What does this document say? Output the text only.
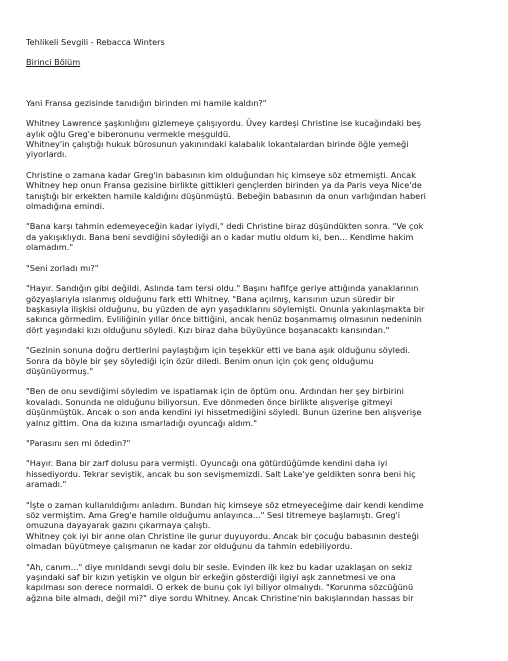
Tehlikeli Sevgili - Rebacca Winters
Birinci Bölüm
Yani Fransa gezisinde tanıdığın birinden mi hamile kaldın?"
Whitney Lawrence şaşkınlığını gizlemeye çalışıyordu. Üvey kardeşi Christine ise kucağındaki beş
aylık oğlu Greg'e biberonunu vermekle meşguldü.
Whitney'in çalıştığı hukuk bürosunun yakınındaki kalabalık lokantalardan birinde öğle yemeği
yiyorlardı.
Christine o zamana kadar Greg'in babasının kim olduğundan hiç kimseye söz etmemişti. Ancak
Whitney hep onun Fransa gezisine birlikte gittikleri gençlerden birinden ya da Paris veya Nice'de
tanıştığı bir erkekten hamile kaldığını düşünmüştü. Bebeğin babasının da onun varlığından haberi
olmadığına emindi.
"Bana karşı tahmin edemeyeceğin kadar iyiydi," dedi Christine biraz düşündükten sonra. "Ve çok
da yakışıklıydı. Bana beni sevdiğini söylediği an o kadar mutlu oldum ki, ben... Kendime hakim
olamadım."
"Seni zorladı mı?"
"Hayır. Sandığın gibi değildi. Aslında tam tersi oldu." Başını hafifçe geriye attığında yanaklarının
gözyaşlarıyla ıslanmış olduğunu fark etti Whitney. "Bana açılmış, karısının uzun süredir bir
başkasıyla ilişkisi olduğunu, bu yüzden de ayrı yaşadıklarını söylemişti. Onunla yakınlaşmakta bir
sakınca görmedim. Evliliğinin yıllar önce bittiğini, ancak henüz boşanmamış olmasının nedeninin
dört yaşındaki kızı olduğunu söyledi. Kızı biraz daha büyüyünce boşanacaktı karısından."
"Gezinin sonuna doğru dertlerini paylaştığım için teşekkür etti ve bana aşık olduğunu söyledi.
Sonra da böyle bir şey söylediği için özür diledi. Benim onun için çok genç olduğumu
düşünüyormuş."
"Ben de onu sevdiğimi söyledim ve ispatlamak için de öptüm onu. Ardından her şey birbirini
kovaladı. Sonunda ne olduğunu biliyorsun. Eve dönmeden önce birlikte alışverişe gitmeyi
düşünmüştük. Ancak o son anda kendini iyi hissetmediğini söyledi. Bunun üzerine ben alışverişe
yalnız gittim. Ona da kızına ısmarladığı oyuncağı aldım."
"Parasını sen mi ödedin?"
"Hayır. Bana bir zarf dolusu para vermişti. Oyuncağı ona götürdüğümde kendini daha iyi
hissediyordu. Tekrar seviştik, ancak bu son sevişmemizdi. Salt Lake'ye geldikten sonra beni hiç
aramadı."
"İşte o zaman kullanıldığımı anladım. Bundan hiç kimseye söz etmeyeceğime dair kendi kendime
söz vermiştim. Ama Greg'e hamile olduğumu anlayınca..." Sesi titremeye başlamıştı. Greg'i
omuzuna dayayarak gazını çıkarmaya çalıştı.
Whitney çok iyi bir anne olan Christine ile gurur duyuyordu. Ancak bir çocuğu babasının desteği
olmadan büyütmeye çalışmanın ne kadar zor olduğunu da tahmin edebiliyordu.
"Ah, canım..." diye mırıldandı sevgi dolu bir sesle. Evinden ilk kez bu kadar uzaklaşan on sekiz
yaşındaki saf bir kızın yetişkin ve olgun bir erkeğin gösterdiği ilgiyi aşk zannetmesi ve ona
kapılması son derece normaldi. O erkek de bunu çok iyi biliyor olmalıydı. "Korunma sözcüğünü
ağzına bile almadı, değil mi?" diye sordu Whitney. Ancak Christine'nin bakışlarından hassas bir
